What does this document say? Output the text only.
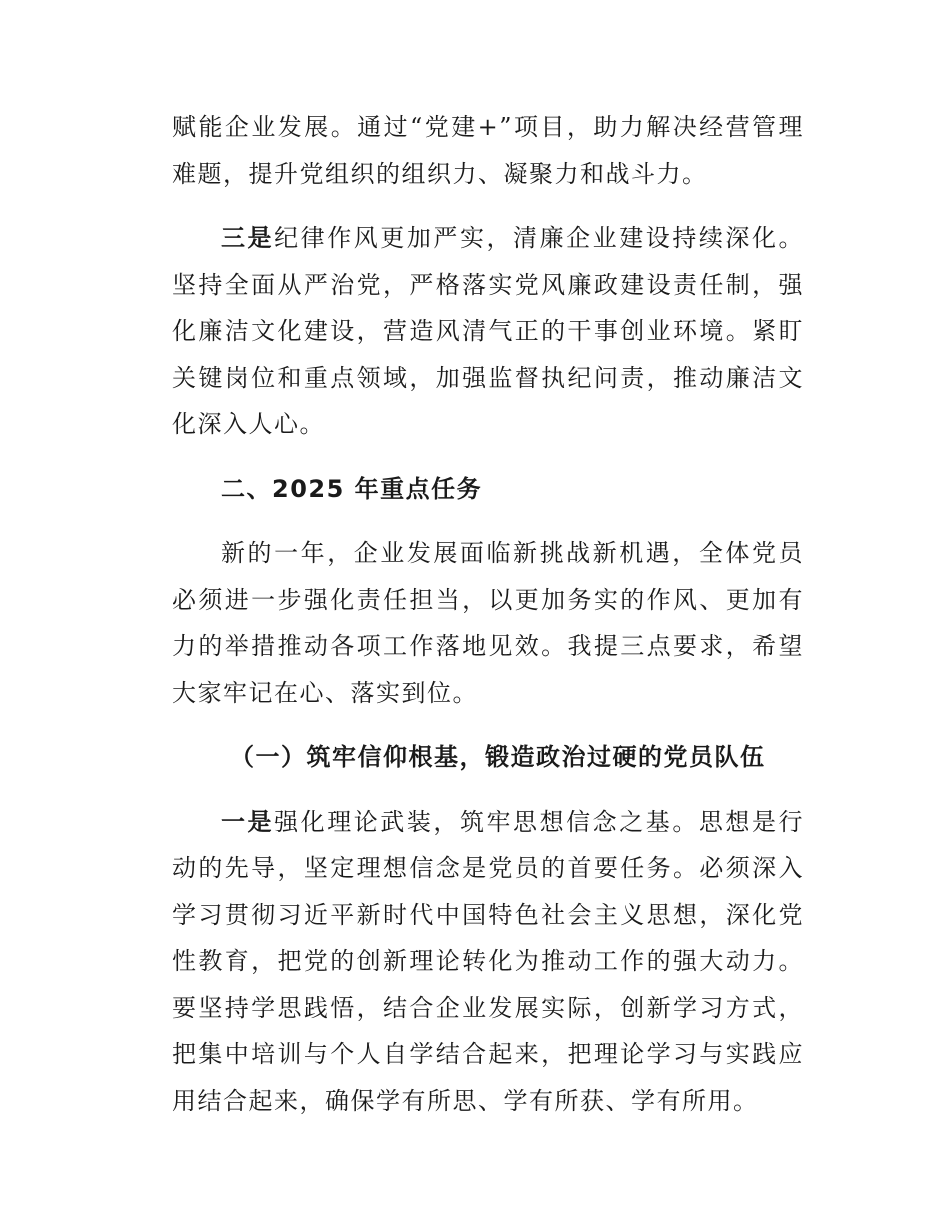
赋能企业发展。通过“党建+”项目，助力解决经营管理难题，提升党组织的组织力、凝聚力和战斗力。

三是纪律作风更加严实，清廉企业建设持续深化。坚持全面从严治党，严格落实党风廉政建设责任制，强化廉洁文化建设，营造风清气正的干事创业环境。紧盯关键岗位和重点领域，加强监督执纪问责，推动廉洁文化深入人心。

二、2025 年重点任务

新的一年，企业发展面临新挑战新机遇，全体党员必须进一步强化责任担当，以更加务实的作风、更加有力的举措推动各项工作落地见效。我提三点要求，希望大家牢记在心、落实到位。

（一）筑牢信仰根基，锻造政治过硬的党员队伍

一是强化理论武装，筑牢思想信念之基。思想是行动的先导，坚定理想信念是党员的首要任务。必须深入学习贯彻习近平新时代中国特色社会主义思想，深化党性教育，把党的创新理论转化为推动工作的强大动力。要坚持学思践悟，结合企业发展实际，创新学习方式，把集中培训与个人自学结合起来，把理论学习与实践应用结合起来，确保学有所思、学有所获、学有所用。
